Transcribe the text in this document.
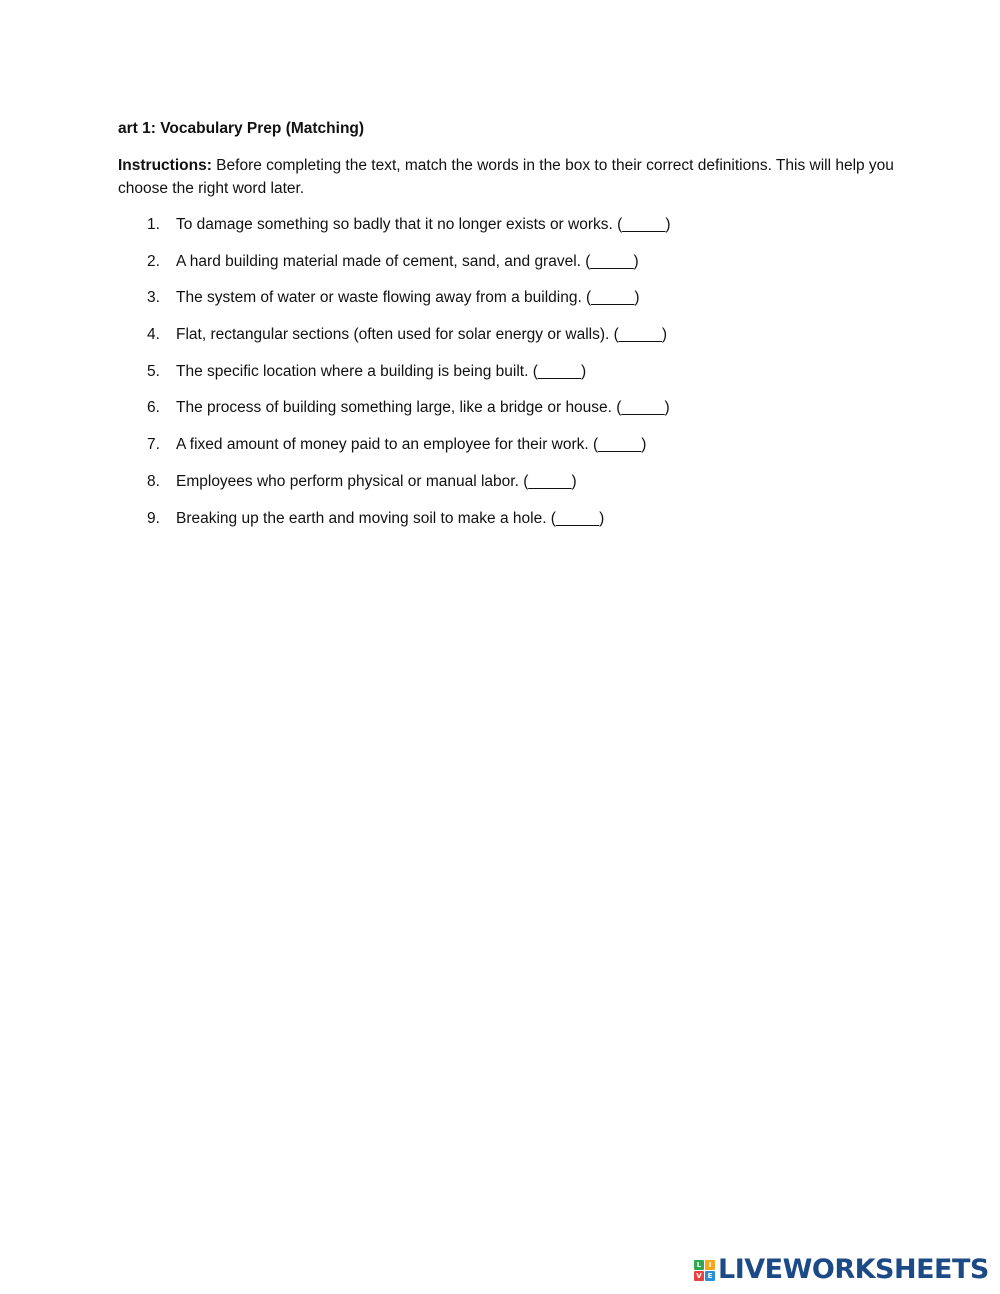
art 1: Vocabulary Prep (Matching)

Instructions: Before completing the text, match the words in the box to their correct definitions. This will help you choose the right word later.

1. To damage something so badly that it no longer exists or works. (_____)
2. A hard building material made of cement, sand, and gravel. (_____)
3. The system of water or waste flowing away from a building. (_____)
4. Flat, rectangular sections (often used for solar energy or walls). (_____)
5. The specific location where a building is being built. (_____)
6. The process of building something large, like a bridge or house. (_____)
7. A fixed amount of money paid to an employee for their work. (_____)
8. Employees who perform physical or manual labor. (_____)
9. Breaking up the earth and moving soil to make a hole. (_____)
L	I
V E LIVEWORKSHEETS
